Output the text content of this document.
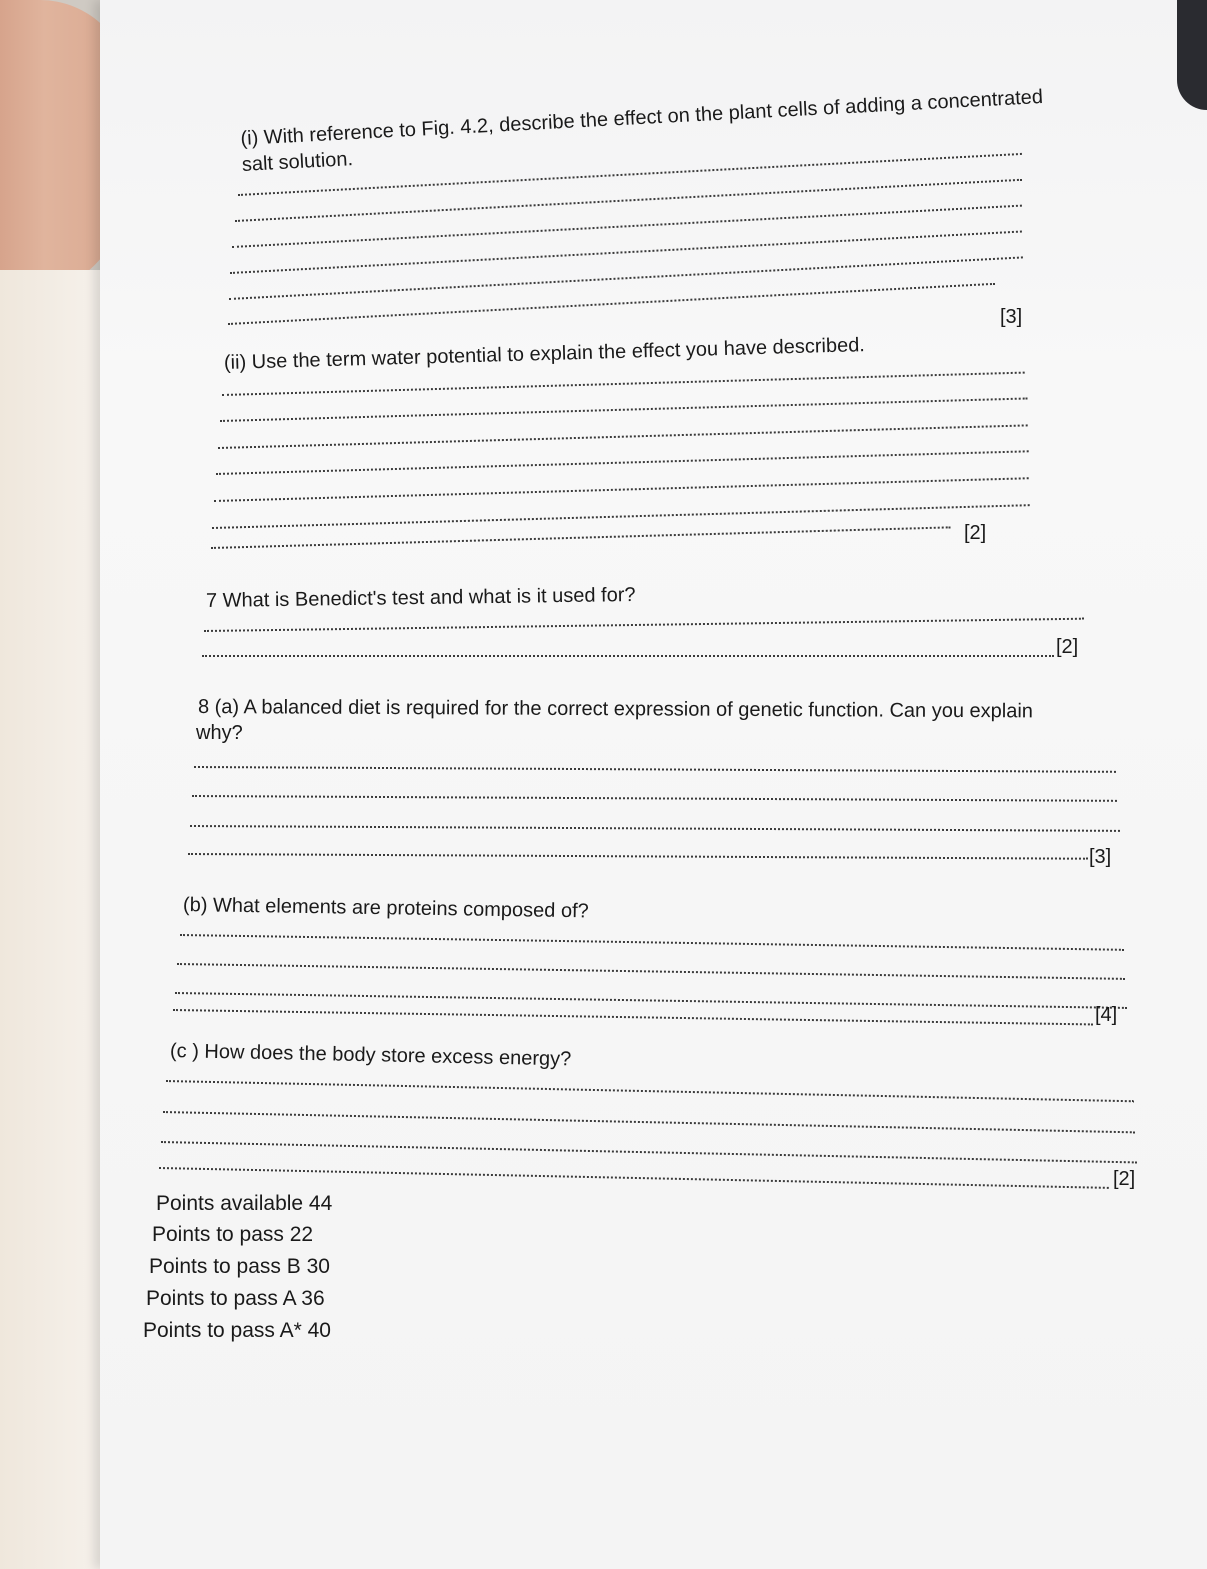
(i) With reference to Fig. 4.2, describe the effect on the plant cells of adding a concentrated
salt solution.
[3]
(ii) Use the term water potential to explain the effect you have described.
[2]
7 What is Benedict's test and what is it used for?
[2]
8 (a) A balanced diet is required for the correct expression of genetic function. Can you explain
why?
[3]
(b) What elements are proteins composed of?
[4]
(c ) How does the body store excess energy?
[2]
Points available 44
Points to pass 22
Points to pass B 30
Points to pass A 36
Points to pass A* 40
